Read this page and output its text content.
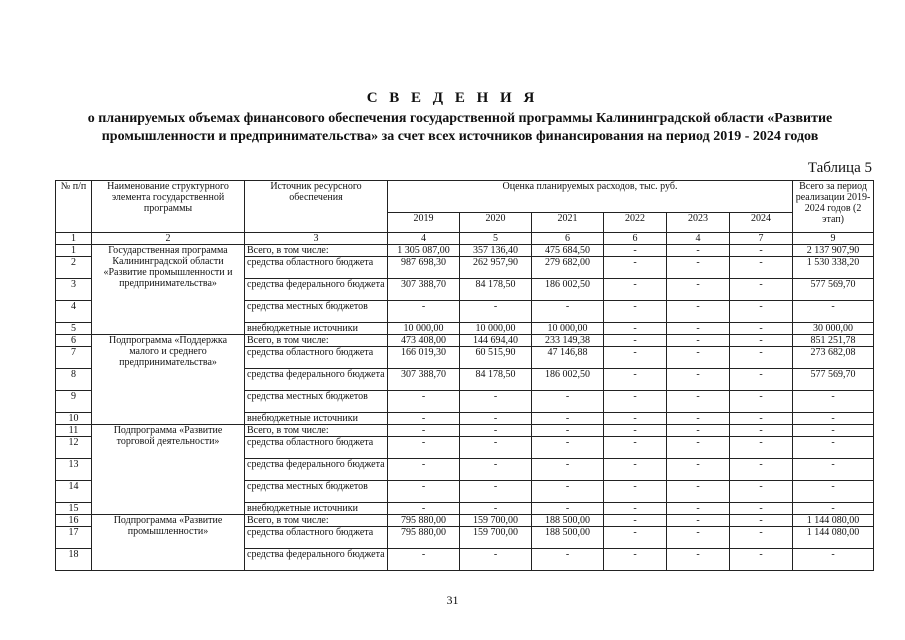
С В Е Д Е Н И Я
о планируемых объемах финансового обеспечения государственной программы Калининградской области «Развитие
промышленности и предпринимательства» за счет всех источников финансирования на период 2019 - 2024 годов
Таблица 5
№ п/п	Наименование структурного элемента государственной программы	Источник ресурсного обеспечения	Оценка планируемых расходов, тыс. руб.						Всего за период реализации 2019-2024 годов (2 этап)
			2019	2020	2021	2022	2023	2024	
1	2	3	4	5	6	6	4	7	9
1	Государственная программа Калининградской области «Развитие промышленности и предпринимательства»	Всего, в том числе:	1 305 087,00	357 136,40	475 684,50	-	-	-	2 137 907,90
2		средства областного бюджета	987 698,30	262 957,90	279 682,00	-	-	-	1 530 338,20
3		средства федерального бюджета	307 388,70	84 178,50	186 002,50	-	-	-	577 569,70
4		средства местных бюджетов	-	-	-	-	-	-	-
5		внебюджетные источники	10 000,00	10 000,00	10 000,00	-	-	-	30 000,00
6	Подпрограмма «Поддержка малого и среднего предпринимательства»	Всего, в том числе:	473 408,00	144 694,40	233 149,38	-	-	-	851 251,78
7		средства областного бюджета	166 019,30	60 515,90	47 146,88	-	-	-	273 682,08
8		средства федерального бюджета	307 388,70	84 178,50	186 002,50	-	-	-	577 569,70
9		средства местных бюджетов	-	-	-	-	-	-	-
10		внебюджетные источники	-	-	-	-	-	-	-
11	Подпрограмма «Развитие торговой деятельности»	Всего, в том числе:	-	-	-	-	-	-	-
12		средства областного бюджета	-	-	-	-	-	-	-
13		средства федерального бюджета	-	-	-	-	-	-	-
14		средства местных бюджетов	-	-	-	-	-	-	-
15		внебюджетные источники	-	-	-	-	-	-	-
16	Подпрограмма «Развитие промышленности»	Всего, в том числе:	795 880,00	159 700,00	188 500,00	-	-	-	1 144 080,00
17		средства областного бюджета	795 880,00	159 700,00	188 500,00	-	-	-	1 144 080,00
18		средства федерального бюджета	-	-	-	-	-	-	-
31
